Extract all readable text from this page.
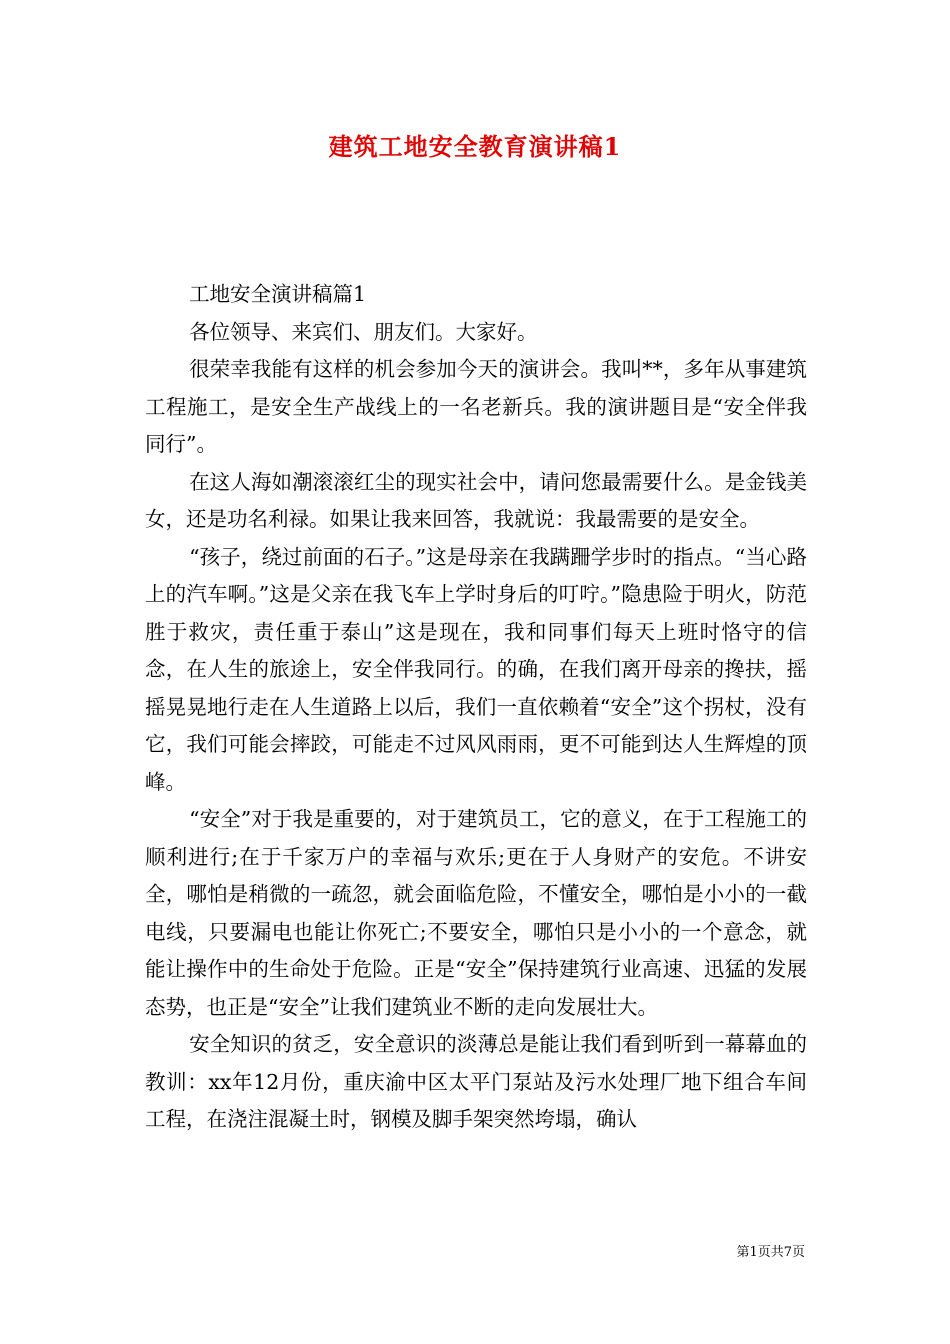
建筑工地安全教育演讲稿1

工地安全演讲稿篇1

各位领导、来宾们、朋友们。大家好。

很荣幸我能有这样的机会参加今天的演讲会。我叫**，多年从事建筑工程施工，是安全生产战线上的一名老新兵。我的演讲题目是“安全伴我同行”。

在这人海如潮滚滚红尘的现实社会中，请问您最需要什么。是金钱美女，还是功名利禄。如果让我来回答，我就说：我最需要的是安全。

“孩子，绕过前面的石子。”这是母亲在我蹒跚学步时的指点。“当心路上的汽车啊。”这是父亲在我飞车上学时身后的叮咛。”隐患险于明火，防范胜于救灾，责任重于泰山”这是现在，我和同事们每天上班时恪守的信念，在人生的旅途上，安全伴我同行。的确，在我们离开母亲的搀扶，摇摇晃晃地行走在人生道路上以后，我们一直依赖着“安全”这个拐杖，没有它，我们可能会摔跤，可能走不过风风雨雨，更不可能到达人生辉煌的顶峰。

“安全”对于我是重要的，对于建筑员工，它的意义，在于工程施工的顺利进行;在于千家万户的幸福与欢乐;更在于人身财产的安危。不讲安全，哪怕是稍微的一疏忽，就会面临危险，不懂安全，哪怕是小小的一截电线，只要漏电也能让你死亡;不要安全，哪怕只是小小的一个意念，就能让操作中的生命处于危险。正是“安全”保持建筑行业高速、迅猛的发展态势，也正是“安全”让我们建筑业不断的走向发展壮大。

安全知识的贫乏，安全意识的淡薄总是能让我们看到听到一幕幕血的教训：xx年12月份，重庆渝中区太平门泵站及污水处理厂地下组合车间工程，在浇注混凝土时，钢模及脚手架突然垮塌，确认

第1页共7页
